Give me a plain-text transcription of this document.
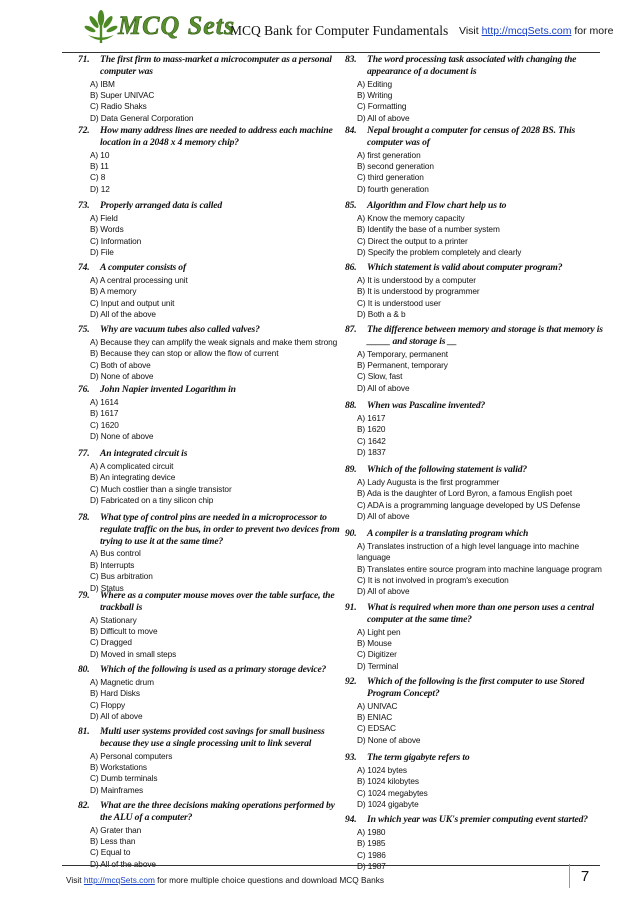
MCQ Sets
MCQ Bank for Computer Fundamentals Visit http://mcqSets.com for more
71.	The first firm to mass-market a microcomputer as a personal computer was
A) IBM
B) Super UNIVAC
C) Radio Shaks
D) Data General Corporation
72.	How many address lines are needed to address each machine location in a 2048 x 4 memory chip?
A) 10
B) 11
C) 8
D) 12
73.	Properly arranged data is called
A) Field
B) Words
C) Information
D) File
74.	A computer consists of
A) A central processing unit
B) A memory
C) Input and output unit
D) All of the above
75.	Why are vacuum tubes also called valves?
A) Because they can amplify the weak signals and make them strong
B) Because they can stop or allow the flow of current
C) Both of above
D) None of above
76.	John Napier invented Logarithm in
A) 1614
B) 1617
C) 1620
D) None of above
77.	An integrated circuit is
A) A complicated circuit
B) An integrating device
C) Much costlier than a single transistor
D) Fabricated on a tiny silicon chip
78.	What type of control pins are needed in a microprocessor to regulate traffic on the bus, in order to prevent two devices from trying to use it at the same time?
A) Bus control
B) Interrupts
C) Bus arbitration
D) Status
79.	Where as a computer mouse moves over the table surface, the trackball is
A) Stationary
B) Difficult to move
C) Dragged
D) Moved in small steps
80.	Which of the following is used as a primary storage device?
A) Magnetic drum
B) Hard Disks
C) Floppy
D) All of above
81.	Multi user systems provided cost savings for small business because they use a single processing unit to link several
A) Personal computers
B) Workstations
C) Dumb terminals
D) Mainframes
82.	What are the three decisions making operations performed by the ALU of a computer?
A) Grater than
B) Less than
C) Equal to
D) All of the above
83.	The word processing task associated with changing the appearance of a document is
A) Editing
B) Writing
C) Formatting
D) All of above
84.	Nepal brought a computer for census of 2028 BS. This computer was of
A) first generation
B) second generation
C) third generation
D) fourth generation
85.	Algorithm and Flow chart help us to
A) Know the memory capacity
B) Identify the base of a number system
C) Direct the output to a printer
D) Specify the problem completely and clearly
86.	Which statement is valid about computer program?
A) It is understood by a computer
B) It is understood by programmer
C) It is understood user
D) Both a & b
87.	The difference between memory and storage is that memory is _____ and storage is __
A) Temporary, permanent
B) Permanent, temporary
C) Slow, fast
D) All of above
88.	When was Pascaline invented?
A) 1617
B) 1620
C) 1642
D) 1837
89.	Which of the following statement is valid?
A) Lady Augusta is the first programmer
B) Ada is the daughter of Lord Byron, a famous English poet
C) ADA is a programming language developed by US Defense
D) All of above
90.	A compiler is a translating program which
A) Translates instruction of a high level language into machine language
B) Translates entire source program into machine language program
C) It is not involved in program's execution
D) All of above
91.	What is required when more than one person uses a central computer at the same time?
A) Light pen
B) Mouse
C) Digitizer
D) Terminal
92.	Which of the following is the first computer to use Stored Program Concept?
A) UNIVAC
B) ENIAC
C) EDSAC
D) None of above
93.	The term gigabyte refers to
A) 1024 bytes
B) 1024 kilobytes
C) 1024 megabytes
D) 1024 gigabyte
94.	In which year was UK's premier computing event started?
A) 1980
B) 1985
C) 1986
D) 1987
Visit http://mcqSets.com for more multiple choice questions and download MCQ Banks	7
